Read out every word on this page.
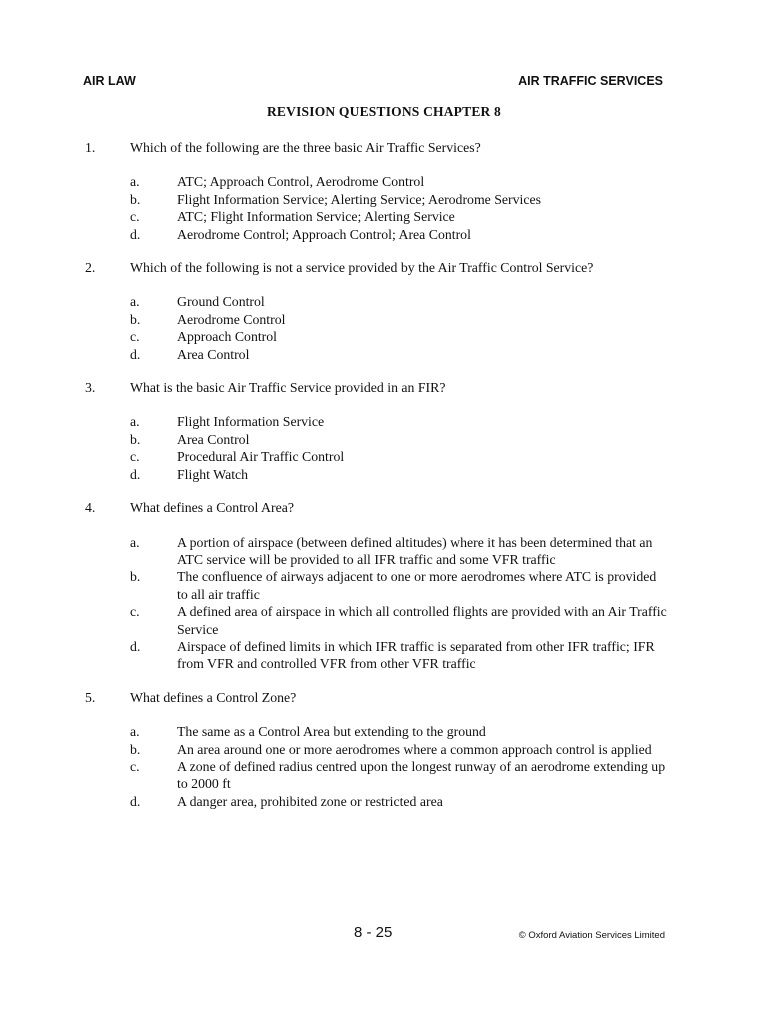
AIR LAW	AIR TRAFFIC SERVICES
REVISION QUESTIONS CHAPTER 8
1.	Which of the following are the three basic Air Traffic Services?
a.	ATC; Approach Control, Aerodrome Control
b.	Flight Information Service; Alerting Service; Aerodrome Services
c.	ATC; Flight Information Service; Alerting Service
d.	Aerodrome Control; Approach Control; Area Control
2.	Which of the following is not a service provided by the Air Traffic Control Service?
a.	Ground Control
b.	Aerodrome Control
c.	Approach Control
d.	Area Control
3.	What is the basic Air Traffic Service provided in an FIR?
a.	Flight Information Service
b.	Area Control
c.	Procedural Air Traffic Control
d.	Flight Watch
4.	What defines a Control Area?
a.	A portion of airspace (between defined altitudes) where it has been determined that an ATC service will be provided to all IFR traffic and some VFR traffic
b.	The confluence of airways adjacent to one or more aerodromes where ATC is provided to all air traffic
c.	A defined area of airspace in which all controlled flights are provided with an Air Traffic Service
d.	Airspace of defined limits in which IFR traffic is separated from other IFR traffic; IFR from VFR and controlled VFR from other VFR traffic
5.	What defines a Control Zone?
a.	The same as a Control Area but extending to the ground
b.	An area around one or more aerodromes where a common approach control is applied
c.	A zone of defined radius centred upon the longest runway of an aerodrome extending up to 2000 ft
d.	A danger area, prohibited zone or restricted area
8 - 25	© Oxford Aviation Services Limited
